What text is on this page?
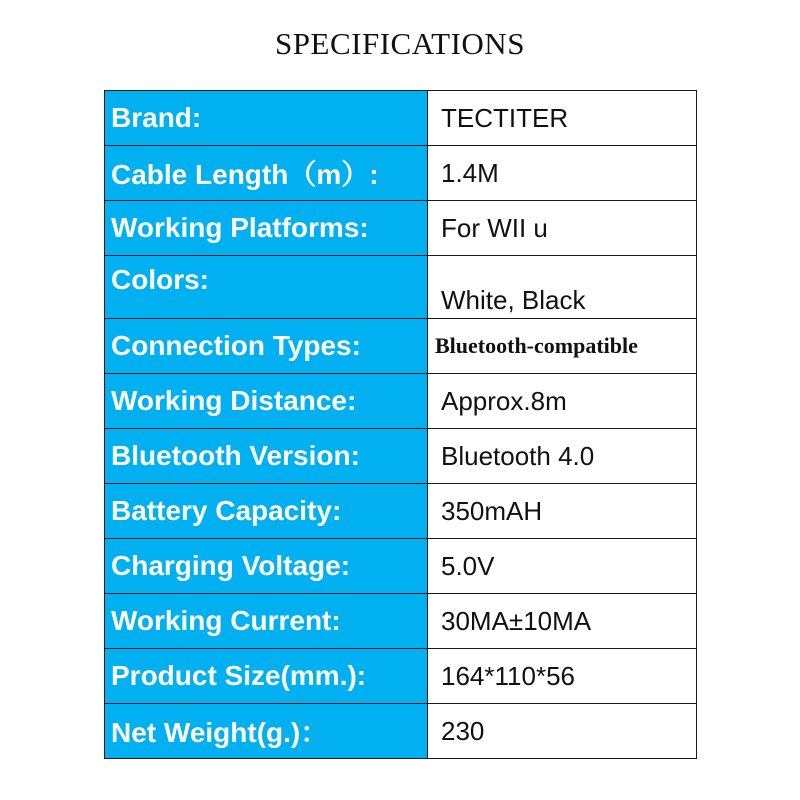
SPECIFICATIONS
Brand:	TECTITER
Cable Length（m）:	1.4M
Working Platforms:	For WII u
Colors:	White, Black
Connection Types:	Bluetooth-compatible
Working Distance:	Approx.8m
Bluetooth Version:	Bluetooth 4.0
Battery Capacity:	350mAH
Charging Voltage:	5.0V
Working Current:	30MA±10MA
Product Size(mm.):	164*110*56
Net Weight(g.)：	230
